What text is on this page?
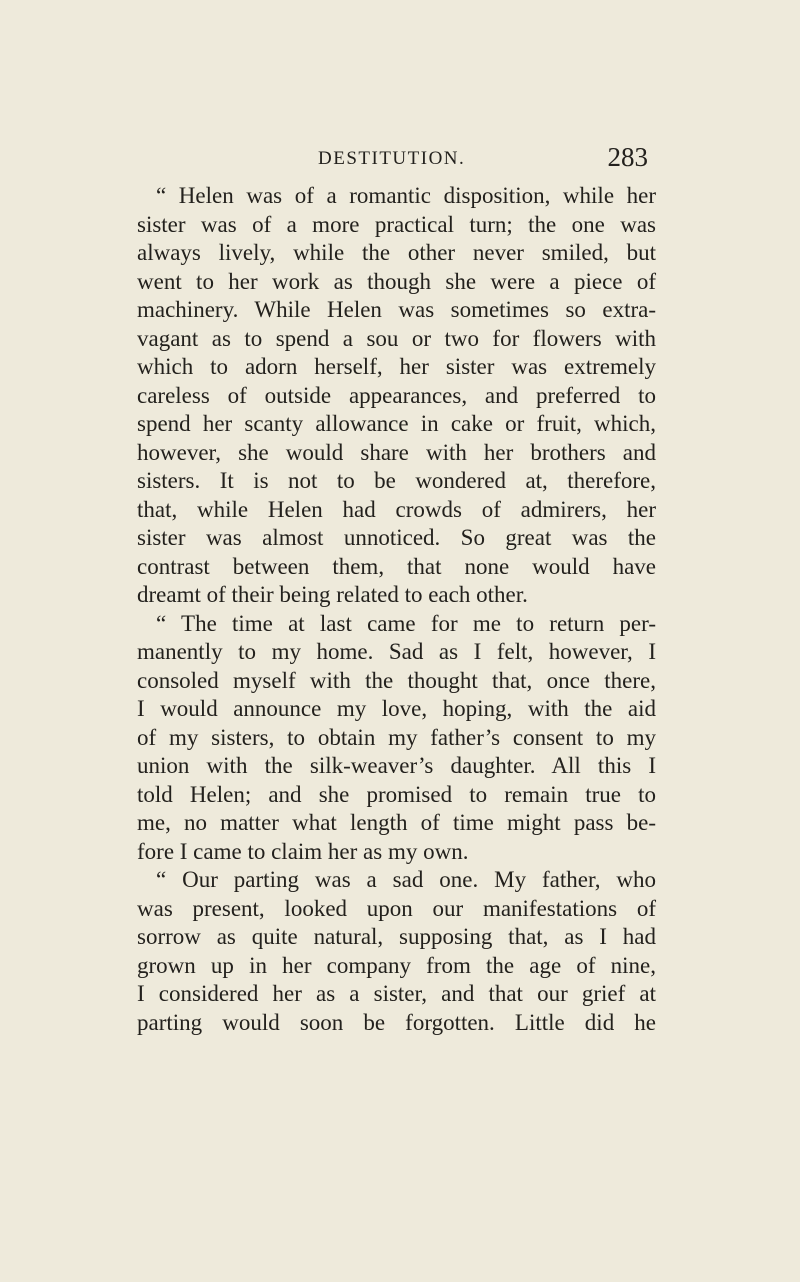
DESTITUTION.	283
“ Helen was of a romantic disposition, while her
sister was of a more practical turn; the one was
always lively, while the other never smiled, but
went to her work as though she were a piece of
machinery. While Helen was sometimes so extra-
vagant as to spend a sou or two for flowers with
which to adorn herself, her sister was extremely
careless of outside appearances, and preferred to
spend her scanty allowance in cake or fruit, which,
however, she would share with her brothers and
sisters. It is not to be wondered at, therefore,
that, while Helen had crowds of admirers, her
sister was almost unnoticed. So great was the
contrast between them, that none would have
dreamt of their being related to each other.
“ The time at last came for me to return per-
manently to my home. Sad as I felt, however, I
consoled myself with the thought that, once there,
I would announce my love, hoping, with the aid
of my sisters, to obtain my father’s consent to my
union with the silk-weaver’s daughter. All this I
told Helen; and she promised to remain true to
me, no matter what length of time might pass be-
fore I came to claim her as my own.
“ Our parting was a sad one. My father, who
was present, looked upon our manifestations of
sorrow as quite natural, supposing that, as I had
grown up in her company from the age of nine,
I considered her as a sister, and that our grief at
parting would soon be forgotten. Little did he
